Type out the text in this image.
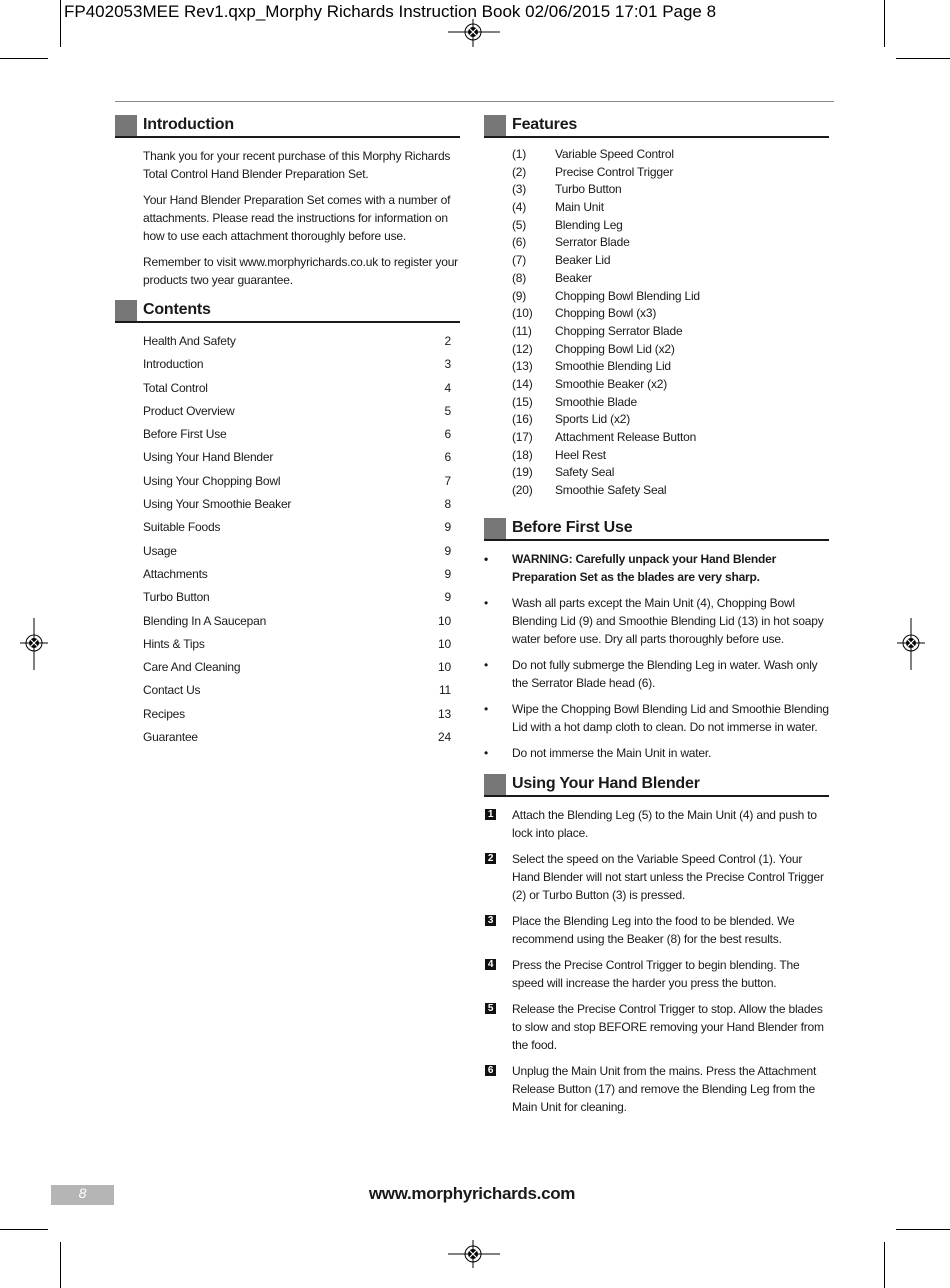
FP402053MEE Rev1.qxp_Morphy Richards Instruction Book 02/06/2015 17:01 Page 8
Introduction

Thank you for your recent purchase of this Morphy Richards Total Control Hand Blender Preparation Set.

Your Hand Blender Preparation Set comes with a number of attachments. Please read the instructions for information on how to use each attachment thoroughly before use.

Remember to visit www.morphyrichards.co.uk to register your products two year guarantee.

Contents
Health And Safety	2
Introduction	3
Total Control	4
Product Overview	5
Before First Use	6
Using Your Hand Blender	6
Using Your Chopping Bowl	7
Using Your Smoothie Beaker	8
Suitable Foods	9
Usage	9
Attachments	9
Turbo Button	9
Blending In A Saucepan	10
Hints & Tips	10
Care And Cleaning	10
Contact Us	11
Recipes	13
Guarantee	24
Features
(1) Variable Speed Control
(2) Precise Control Trigger
(3) Turbo Button
(4) Main Unit
(5) Blending Leg
(6) Serrator Blade
(7) Beaker Lid
(8) Beaker
(9) Chopping Bowl Blending Lid
(10) Chopping Bowl (x3)
(11) Chopping Serrator Blade
(12) Chopping Bowl Lid (x2)
(13) Smoothie Blending Lid
(14) Smoothie Beaker (x2)
(15) Smoothie Blade
(16) Sports Lid (x2)
(17) Attachment Release Button
(18) Heel Rest
(19) Safety Seal
(20) Smoothie Safety Seal
Before First Use
• WARNING: Carefully unpack your Hand Blender Preparation Set as the blades are very sharp.
• Wash all parts except the Main Unit (4), Chopping Bowl Blending Lid (9) and Smoothie Blending Lid (13) in hot soapy water before use. Dry all parts thoroughly before use.
• Do not fully submerge the Blending Leg in water. Wash only the Serrator Blade head (6).
• Wipe the Chopping Bowl Blending Lid and Smoothie Blending Lid with a hot damp cloth to clean. Do not immerse in water.
• Do not immerse the Main Unit in water.
Using Your Hand Blender
1 Attach the Blending Leg (5) to the Main Unit (4) and push to lock into place.
2 Select the speed on the Variable Speed Control (1). Your Hand Blender will not start unless the Precise Control Trigger (2) or Turbo Button (3) is pressed.
3 Place the Blending Leg into the food to be blended. We recommend using the Beaker (8) for the best results.
4 Press the Precise Control Trigger to begin blending. The speed will increase the harder you press the button.
5 Release the Precise Control Trigger to stop. Allow the blades to slow and stop BEFORE removing your Hand Blender from the food.
6 Unplug the Main Unit from the mains. Press the Attachment Release Button (17) and remove the Blending Leg from the Main Unit for cleaning.
8	www.morphyrichards.com
